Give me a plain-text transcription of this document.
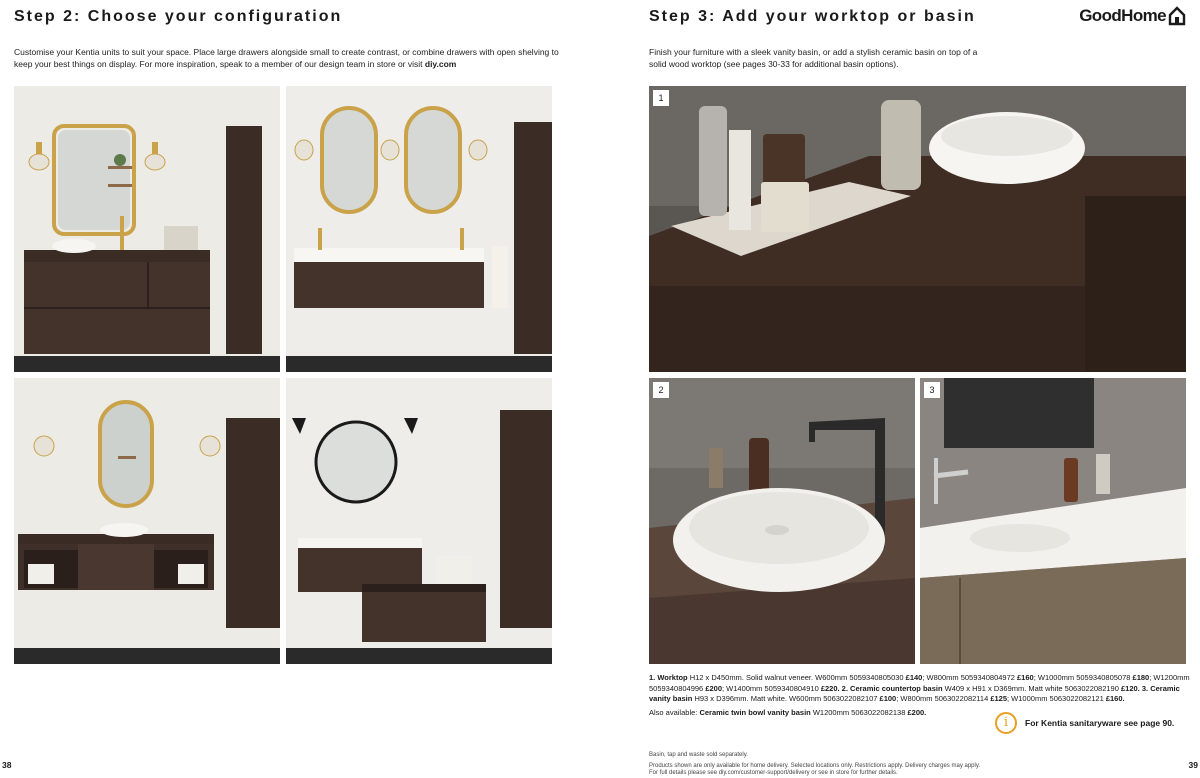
Step 2: Choose your configuration

Customise your Kentia units to suit your space. Place large drawers alongside small to create contrast, or combine drawers with open shelving to keep your best things on display. For more inspiration, speak to a member of our design team in store or visit diy.com

38
Step 3: Add your worktop or basin	GoodHome

Finish your furniture with a sleek vanity basin, or add a stylish ceramic basin on top of a solid wood worktop (see pages 30-33 for additional basin options).

1
2	3

1. Worktop H12 x D450mm. Solid walnut veneer. W600mm 5059340805030 £140; W800mm 5059340804972 £160; W1000mm 5059340805078 £180; W1200mm 5059340804996 £200; W1400mm 5059340804910 £220. 2. Ceramic countertop basin W409 x H91 x D369mm. Matt white 5063022082190 £120. 3. Ceramic vanity basin H93 x D396mm. Matt white. W600mm 5063022082107 £100; W800mm 5063022082114 £125; W1000mm 5063022082121 £160.

Also available: Ceramic twin bowl vanity basin W1200mm 5063022082138 £200.

i	For Kentia sanitaryware see page 90.
Basin, tap and waste sold separately.
Products shown are only available for home delivery. Selected locations only. Restrictions apply. Delivery charges may apply.
For full details please see diy.com/customer-support/delivery or see in store for further details.
39
